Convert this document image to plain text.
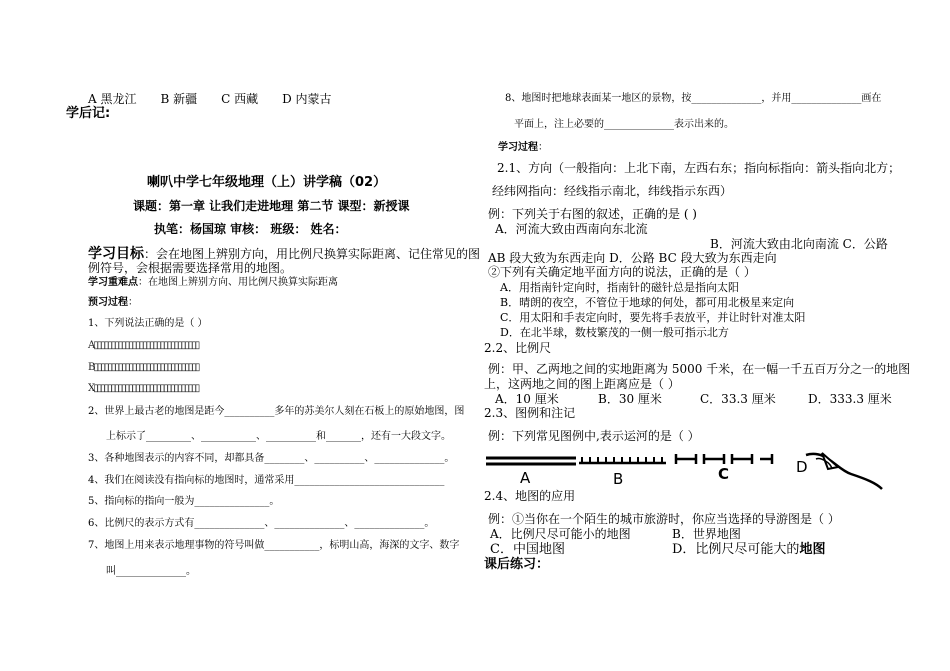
A 黑龙江　　B 新疆　　C 西藏　　D 内蒙古
学后记:
喇叭中学七年级地理（上）讲学稿（02）
课题：第一章 让我们走进地理 第二节 课型：新授课
执笔：杨国琼 审核： 班级： 姓名：
学习目标：会在地图上辨别方向，用比例尺换算实际距离、记住常见的图
例符号，会根据需要选择常用的地图。
学习重难点：在地图上辨别方向、用比例尺换算实际距离
预习过程：
1、下列说法正确的是（ ）
A▯▯▯▯▯▯▯▯▯▯▯▯▯▯▯▯▯▯▯▯▯▯▯▯▯▯▯▯▯▯
B▯▯▯▯▯▯▯▯▯▯▯▯▯▯▯▯▯▯▯▯▯▯▯▯▯▯▯▯▯▯
X▯▯▯▯▯▯▯▯▯▯▯▯▯▯▯▯▯▯▯▯▯▯▯▯▯▯▯▯▯▯
2、世界上最古老的地图是距今__________多年的苏美尔人刻在石板上的原始地图，图
上标示了_________、___________、__________和_______，还有一大段文字。
3、各种地图表示的内容不同，却都具备________、__________、______________。
4、我们在阅读没有指向标的地图时，通常采用______________________________
5、指向标的指向一般为_______________。
6、比例尺的表示方式有______________、______________、______________。
7、地图上用来表示地理事物的符号叫做___________，标明山高，海深的文字、数字
叫______________。
8、地图时把地球表面某一地区的景物，按______________，并用______________画在
平面上，注上必要的______________表示出来的。
学习过程：
2.1、方向（一般指向：上北下南，左西右东；指向标指向：箭头指向北方；
经纬网指向：经线指示南北，纬线指示东西）
例：下列关于右图的叙述，正确的是 ( )
A．河流大致由西南向东北流
B．河流大致由北向南流 C．公路
AB 段大致为东西走向 D．公路 BC 段大致为东西走向
②下列有关确定地平面方向的说法，正确的是（ ）
A．用指南针定向时，指南针的磁针总是指向太阳
B．晴朗的夜空，不管位于地球的何处，都可用北极星来定向
C．用太阳和手表定向时，要先将手表放平，并让时针对准太阳
D．在北半球，数枝繁茂的一侧一般可指示北方
2.2、比例尺
例：甲、乙两地之间的实地距离为 5000 千米，在一幅一千五百万分之一的地图
上，这两地之间的图上距离应是（ ）
A．10 厘米	B．30 厘米	C．33.3 厘米	D．333.3 厘米
2.3、图例和注记
例：下列常见图例中,表示运河的是（ ）
A	B	C	D
2.4、地图的应用
例：①当你在一个陌生的城市旅游时，你应当选择的导游图是（ ）
A．比例尺尽可能小的地图	B．世界地图
C．中国地图	D．比例尺尽可能大的地图
课后练习：
